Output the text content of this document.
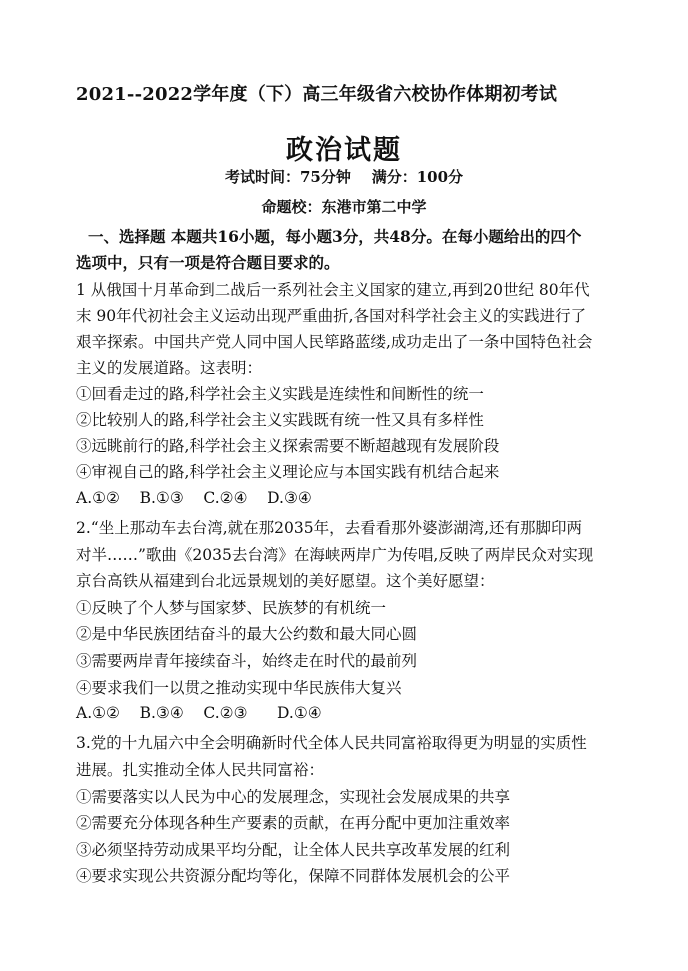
2021--2022学年度（下）高三年级省六校协作体期初考试
政治试题
考试时间：75分钟    满分：100分
命题校：东港市第二中学
一、选择题 本题共16小题，每小题3分，共48分。在每小题给出的四个
选项中，只有一项是符合题目要求的。
1 从俄国十月革命到二战后一系列社会主义国家的建立,再到20世纪 80年代
末 90年代初社会主义运动出现严重曲折,各国对科学社会主义的实践进行了
艰辛探索。中国共产党人同中国人民筚路蓝缕,成功走出了一条中国特色社会
主义的发展道路。这表明：
①回看走过的路,科学社会主义实践是连续性和间断性的统一
②比较别人的路,科学社会主义实践既有统一性又具有多样性
③远眺前行的路,科学社会主义探索需要不断超越现有发展阶段
④审视自己的路,科学社会主义理论应与本国实践有机结合起来
A.①②    B.①③    C.②④    D.③④
2.“坐上那动车去台湾,就在那2035年，去看看那外婆澎湖湾,还有那脚印两
对半……”歌曲《2035去台湾》在海峡两岸广为传唱,反映了两岸民众对实现
京台高铁从福建到台北远景规划的美好愿望。这个美好愿望：
①反映了个人梦与国家梦、民族梦的有机统一
②是中华民族团结奋斗的最大公约数和最大同心圆
③需要两岸青年接续奋斗，始终走在时代的最前列
④要求我们一以贯之推动实现中华民族伟大复兴
A.①②    B.③④    C.②③      D.①④
3.党的十九届六中全会明确新时代全体人民共同富裕取得更为明显的实质性
进展。扎实推动全体人民共同富裕：
①需要落实以人民为中心的发展理念，实现社会发展成果的共享
②需要充分体现各种生产要素的贡献，在再分配中更加注重效率
③必须坚持劳动成果平均分配，让全体人民共享改革发展的红利
④要求实现公共资源分配均等化，保障不同群体发展机会的公平
